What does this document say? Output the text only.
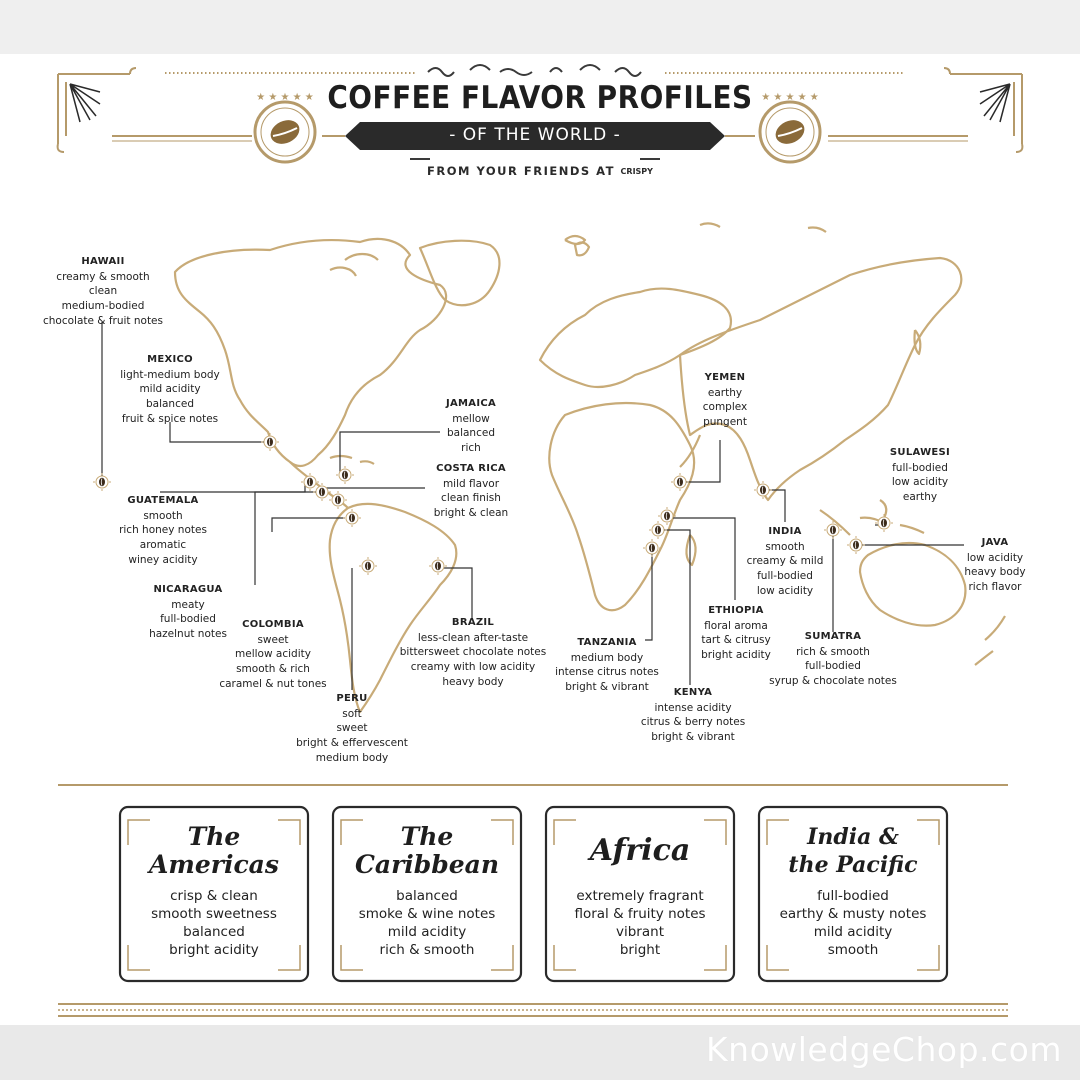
★ ★ ★ ★ ★	★ ★ ★ ★ ★
COFFEE FLAVOR PROFILES
- OF THE WORLD -
FROM YOUR FRIENDS AT CRISPY
HAWAII
creamy & smooth
clean
medium-bodied
chocolate & fruit notes
MEXICO
light-medium body
mild acidity
balanced
fruit & spice notes
GUATEMALA
smooth
rich honey notes
aromatic
winey acidity
NICARAGUA
meaty
full-bodied
hazelnut notes
COLOMBIA
sweet
mellow acidity
smooth & rich
caramel & nut tones
PERU
soft
sweet
bright & effervescent
medium body
JAMAICA
mellow
balanced
rich
COSTA RICA
mild flavor
clean finish
bright & clean
BRAZIL
less-clean after-taste
bittersweet chocolate notes
creamy with low acidity
heavy body
YEMEN
earthy
complex
pungent
TANZANIA
medium body
intense citrus notes
bright & vibrant
ETHIOPIA
floral aroma
tart & citrusy
bright acidity
KENYA
intense acidity
citrus & berry notes
bright & vibrant
INDIA
smooth
creamy & mild
full-bodied
low acidity
SUMATRA
rich & smooth
full-bodied
syrup & chocolate notes
SULAWESI
full-bodied
low acidity
earthy
JAVA
low acidity
heavy body
rich flavor
The
Americas
crisp & clean
smooth sweetness
balanced
bright acidity
The
Caribbean
balanced
smoke & wine notes
mild acidity
rich & smooth
Africa
extremely fragrant
floral & fruity notes
vibrant
bright
India &
the Pacific
full-bodied
earthy & musty notes
mild acidity
smooth
KnowledgeChop.com
